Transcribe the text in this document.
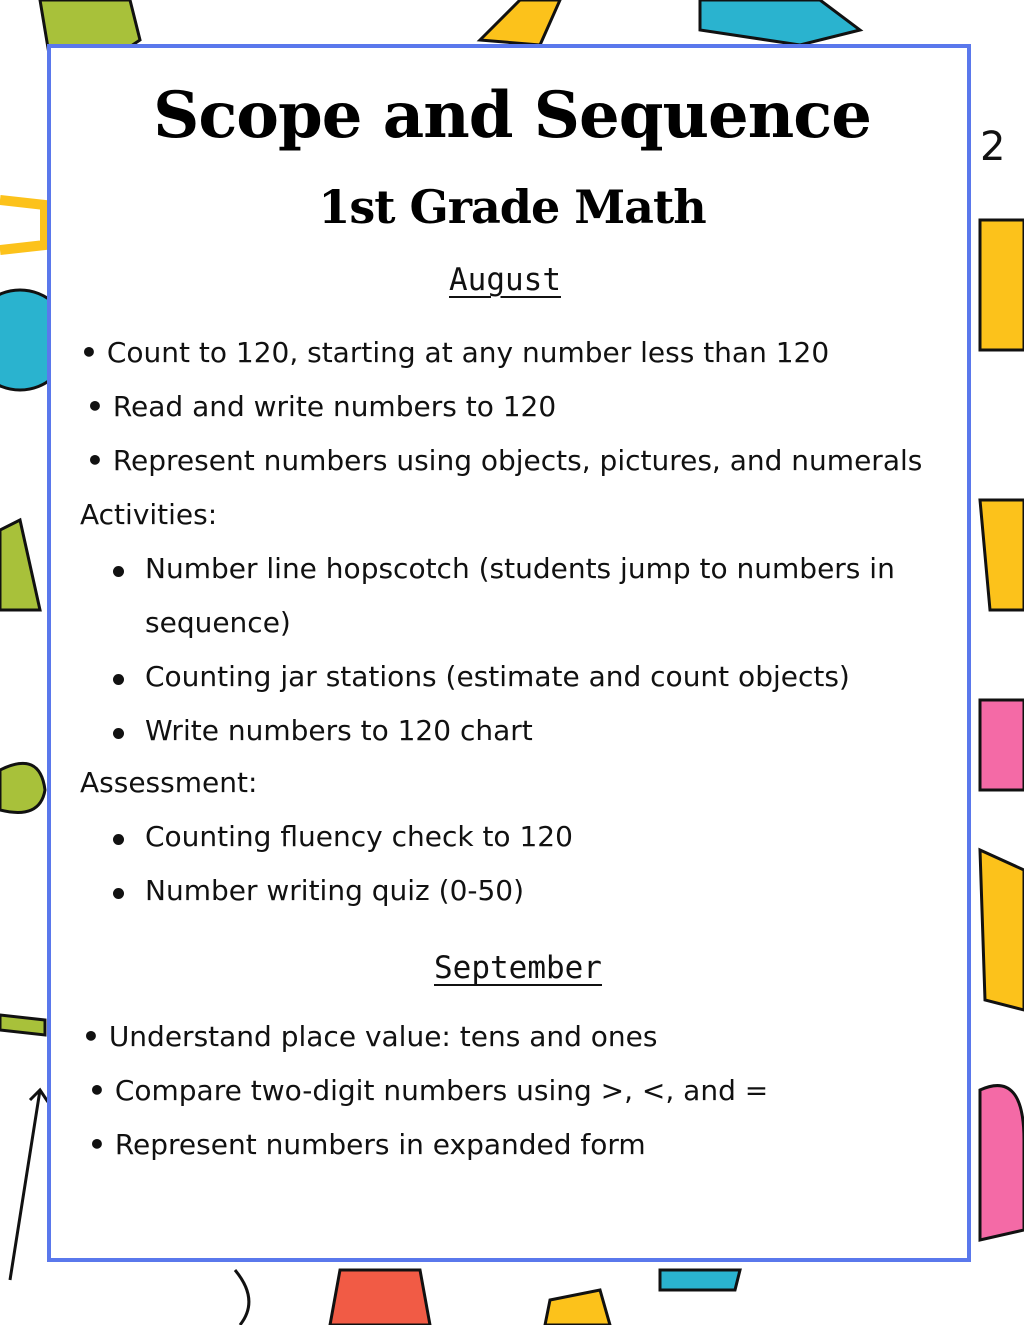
2
Scope and Sequence
1st Grade Math
August
• Count to 120, starting at any number less than 120
• Read and write numbers to 120
• Represent numbers using objects, pictures, and numerals
Activities:
Number line hopscotch (students jump to numbers in
sequence)
Counting jar stations (estimate and count objects)
Write numbers to 120 chart
Assessment:
Counting fluency check to 120
Number writing quiz (0-50)
September
• Understand place value: tens and ones
• Compare two-digit numbers using >, <, and =
• Represent numbers in expanded form
